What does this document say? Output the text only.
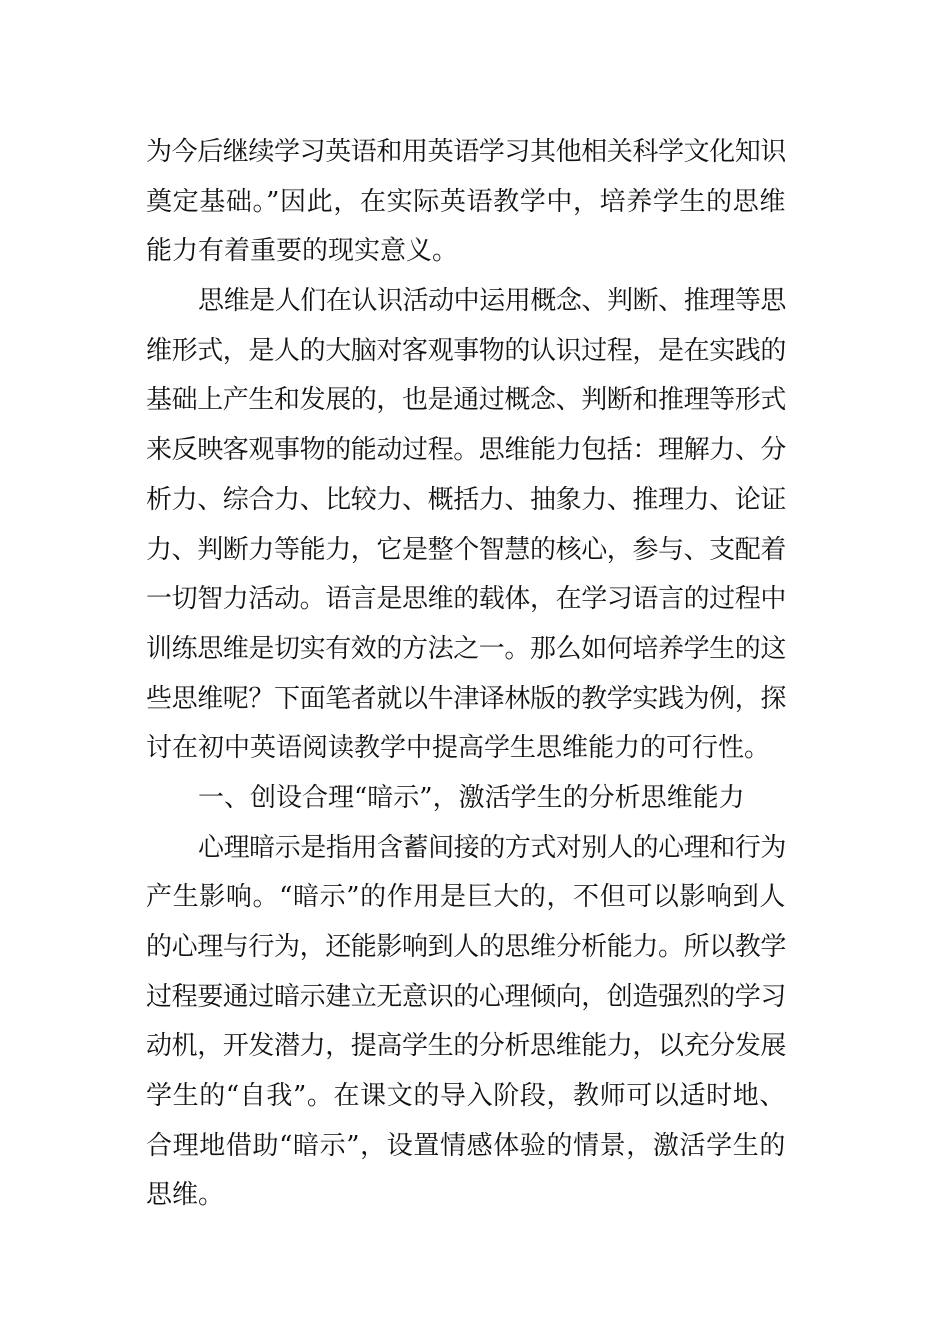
为今后继续学习英语和用英语学习其他相关科学文化知识
奠定基础。”因此，在实际英语教学中，培养学生的思维
能力有着重要的现实意义。
思维是人们在认识活动中运用概念、判断、推理等思
维形式，是人的大脑对客观事物的认识过程，是在实践的
基础上产生和发展的，也是通过概念、判断和推理等形式
来反映客观事物的能动过程。思维能力包括：理解力、分
析力、综合力、比较力、概括力、抽象力、推理力、论证
力、判断力等能力，它是整个智慧的核心，参与、支配着
一切智力活动。语言是思维的载体，在学习语言的过程中
训练思维是切实有效的方法之一。那么如何培养学生的这
些思维呢？下面笔者就以牛津译林版的教学实践为例，探
讨在初中英语阅读教学中提高学生思维能力的可行性。
一、创设合理“暗示”，激活学生的分析思维能力
心理暗示是指用含蓄间接的方式对别人的心理和行为
产生影响。“暗示”的作用是巨大的，不但可以影响到人
的心理与行为，还能影响到人的思维分析能力。所以教学
过程要通过暗示建立无意识的心理倾向，创造强烈的学习
动机，开发潜力，提高学生的分析思维能力，以充分发展
学生的“自我”。在课文的导入阶段，教师可以适时地、
合理地借助“暗示”，设置情感体验的情景，激活学生的
思维。
